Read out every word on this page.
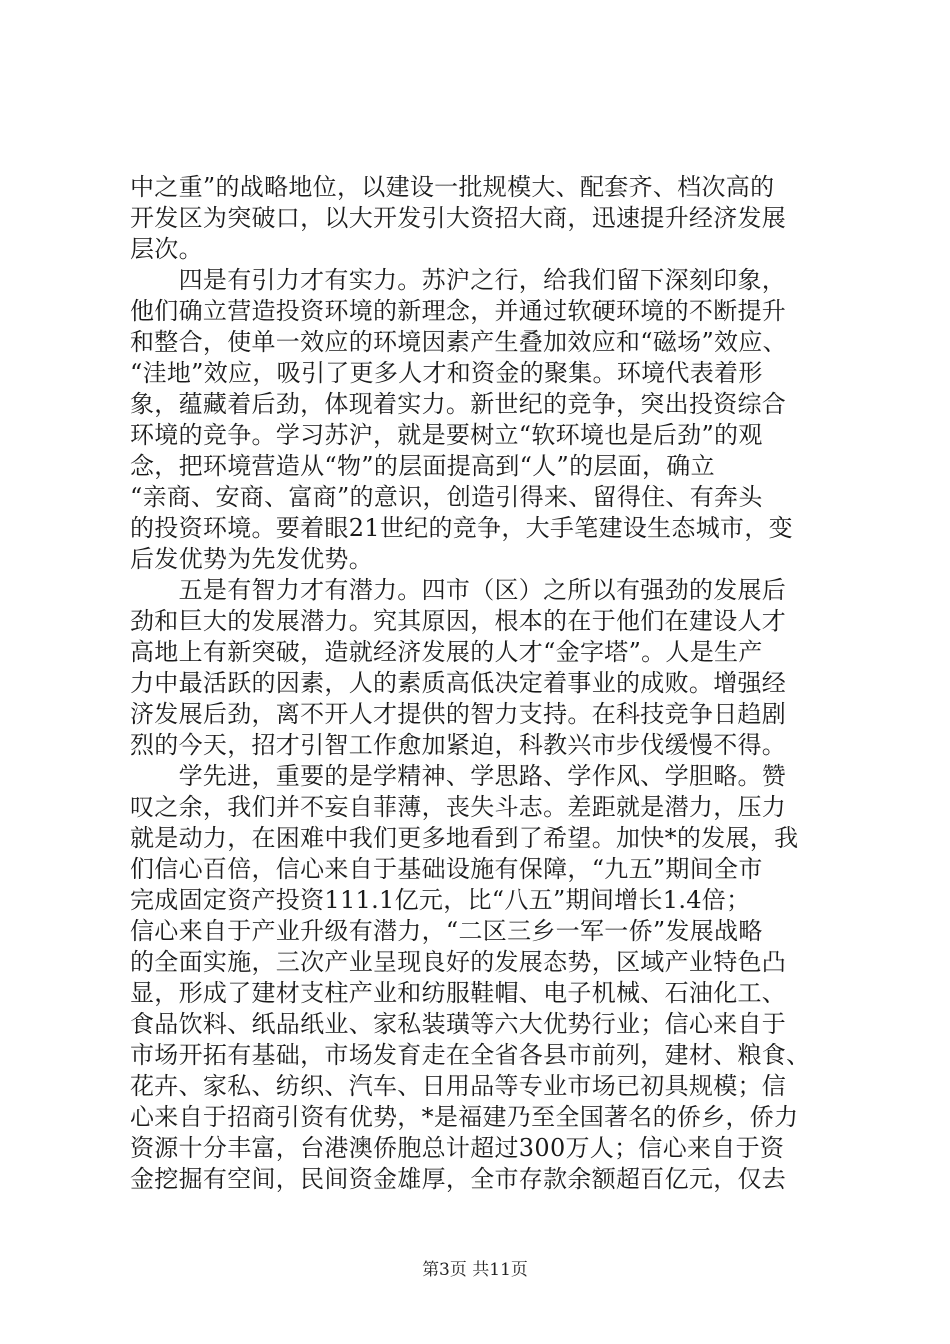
中之重”的战略地位，以建设一批规模大、配套齐、档次高的
开发区为突破口，以大开发引大资招大商，迅速提升经济发展
层次。
　　四是有引力才有实力。苏沪之行，给我们留下深刻印象，
他们确立营造投资环境的新理念，并通过软硬环境的不断提升
和整合，使单一效应的环境因素产生叠加效应和“磁场”效应、
“洼地”效应，吸引了更多人才和资金的聚集。环境代表着形
象，蕴藏着后劲，体现着实力。新世纪的竞争，突出投资综合
环境的竞争。学习苏沪，就是要树立“软环境也是后劲”的观
念，把环境营造从“物”的层面提高到“人”的层面，确立
“亲商、安商、富商”的意识，创造引得来、留得住、有奔头
的投资环境。要着眼21世纪的竞争，大手笔建设生态城市，变
后发优势为先发优势。
　　五是有智力才有潜力。四市（区）之所以有强劲的发展后
劲和巨大的发展潜力。究其原因，根本的在于他们在建设人才
高地上有新突破，造就经济发展的人才“金字塔”。人是生产
力中最活跃的因素，人的素质高低决定着事业的成败。增强经
济发展后劲，离不开人才提供的智力支持。在科技竞争日趋剧
烈的今天，招才引智工作愈加紧迫，科教兴市步伐缓慢不得。
　　学先进，重要的是学精神、学思路、学作风、学胆略。赞
叹之余，我们并不妄自菲薄，丧失斗志。差距就是潜力，压力
就是动力，在困难中我们更多地看到了希望。加快*的发展，我
们信心百倍，信心来自于基础设施有保障，“九五”期间全市
完成固定资产投资111.1亿元，比“八五”期间增长1.4倍；
信心来自于产业升级有潜力，“二区三乡一军一侨”发展战略
的全面实施，三次产业呈现良好的发展态势，区域产业特色凸
显，形成了建材支柱产业和纺服鞋帽、电子机械、石油化工、
食品饮料、纸品纸业、家私装璜等六大优势行业；信心来自于
市场开拓有基础，市场发育走在全省各县市前列，建材、粮食、
花卉、家私、纺织、汽车、日用品等专业市场已初具规模；信
心来自于招商引资有优势，*是福建乃至全国著名的侨乡，侨力
资源十分丰富，台港澳侨胞总计超过300万人；信心来自于资
金挖掘有空间，民间资金雄厚，全市存款余额超百亿元，仅去
第3页 共11页
